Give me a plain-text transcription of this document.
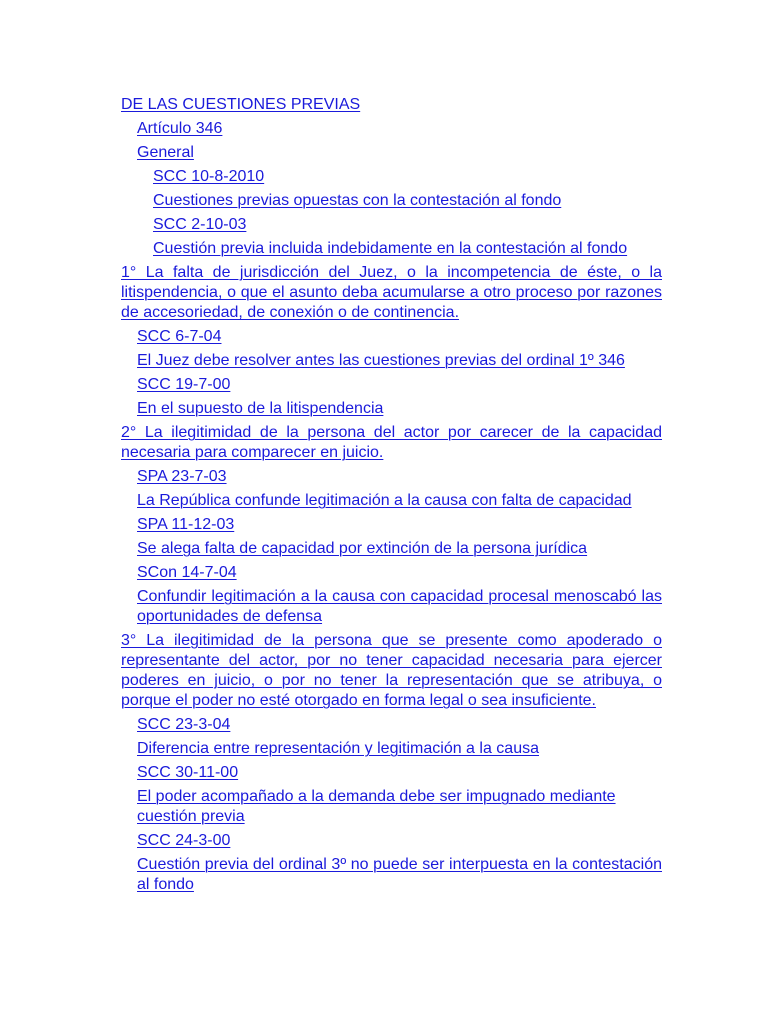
DE LAS CUESTIONES PREVIAS
Artículo 346
General
SCC 10-8-2010
Cuestiones previas opuestas con la contestación al fondo
SCC 2-10-03
Cuestión previa incluida indebidamente en la contestación al fondo
1° La falta de jurisdicción del Juez, o la incompetencia de éste, o la litispendencia, o que el asunto deba acumularse a otro proceso por razones de accesoriedad, de conexión o de continencia.
SCC 6-7-04
El Juez debe resolver antes las cuestiones previas del ordinal 1º 346
SCC 19-7-00
En el supuesto de la litispendencia
2° La ilegitimidad de la persona del actor por carecer de la capacidad necesaria para comparecer en juicio.
SPA 23-7-03
La República confunde legitimación a la causa con falta de capacidad
SPA 11-12-03
Se alega falta de capacidad por extinción de la persona jurídica
SCon 14-7-04
Confundir legitimación a la causa con capacidad procesal menoscabó las oportunidades de defensa
3° La ilegitimidad de la persona que se presente como apoderado o representante del actor, por no tener capacidad necesaria para ejercer poderes en juicio, o por no tener la representación que se atribuya, o porque el poder no esté otorgado en forma legal o sea insuficiente.
SCC 23-3-04
Diferencia entre representación y legitimación a la causa
SCC 30-11-00
El poder acompañado a la demanda debe ser impugnado mediante cuestión previa
SCC 24-3-00
Cuestión previa del ordinal 3º no puede ser interpuesta en la contestación al fondo
